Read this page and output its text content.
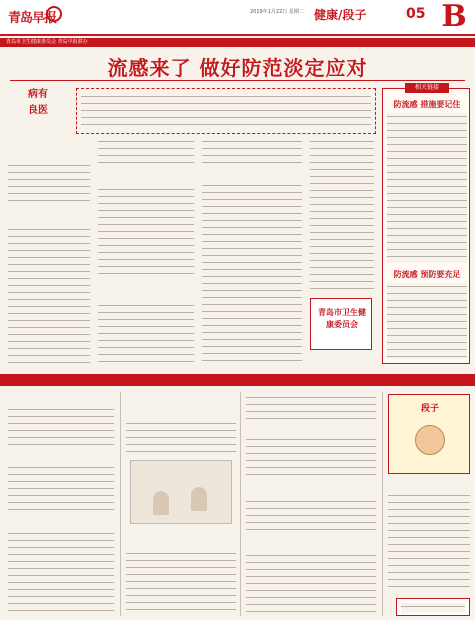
青岛早报	2019年1月22日 星期二 健康/段子	05 B
青岛市卫生健康委员会 青岛早报联办
流感来了 做好防范淡定应对
病有
良医
青岛市卫生健康委员会
相关链接
防流感 措施要记住
防流感 预防要充足
段子
